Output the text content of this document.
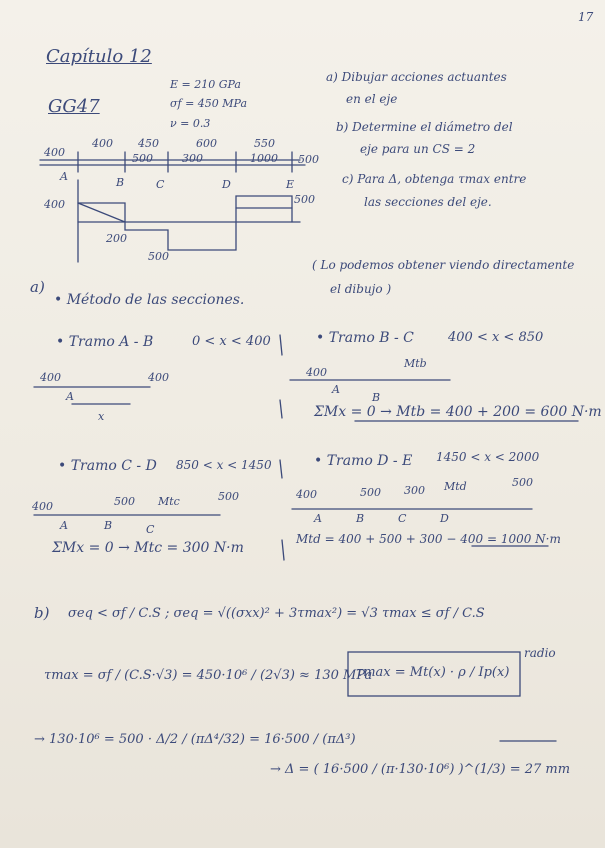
17
Capítulo 12
GG47
E = 210 GPa
σf = 450 MPa
ν = 0.3
a) Dibujar acciones actuantes
en el eje
b) Determine el diámetro del
eje para un CS = 2
c) Para Δ, obtenga τmax entre
las secciones del eje.
400 450	600	550
400	500	300	1000 500
A	B	C	D	E
400
200
500
500
( Lo podemos obtener viendo directamente
el dibujo )
a)
• Método de las secciones.
• Tramo A - B	0 < x < 400
400	400
A
x
• Tramo B - C	400 < x < 850
Mtb
400
A
B
ΣMx = 0 → Mtb = 400 + 200 = 600 N·m
• Tramo C - D 850 < x < 1450
400	500 Mtc	500
A	B	C
ΣMx = 0 → Mtc = 300 N·m
• Tramo D - E 1450 < x < 2000
400	500 300 Mtd	500
A	B	C	D
Mtd = 400 + 500 + 300 − 400 = 1000 N·m
b) σeq < σf / C.S ; σeq = √((σxx)² + 3τmax²) = √3 τmax ≤ σf / C.S
τmax = σf / (C.S·√3) = 450·10⁶ / (2√3) ≈ 130 MPa
τmax = Mt(x) · ρ / Ip(x)
radio
→ 130·10⁶ = 500 · Δ/2 / (πΔ⁴/32) = 16·500 / (πΔ³)
→ Δ = ( 16·500 / (π·130·10⁶) )^(1/3) = 27 mm
